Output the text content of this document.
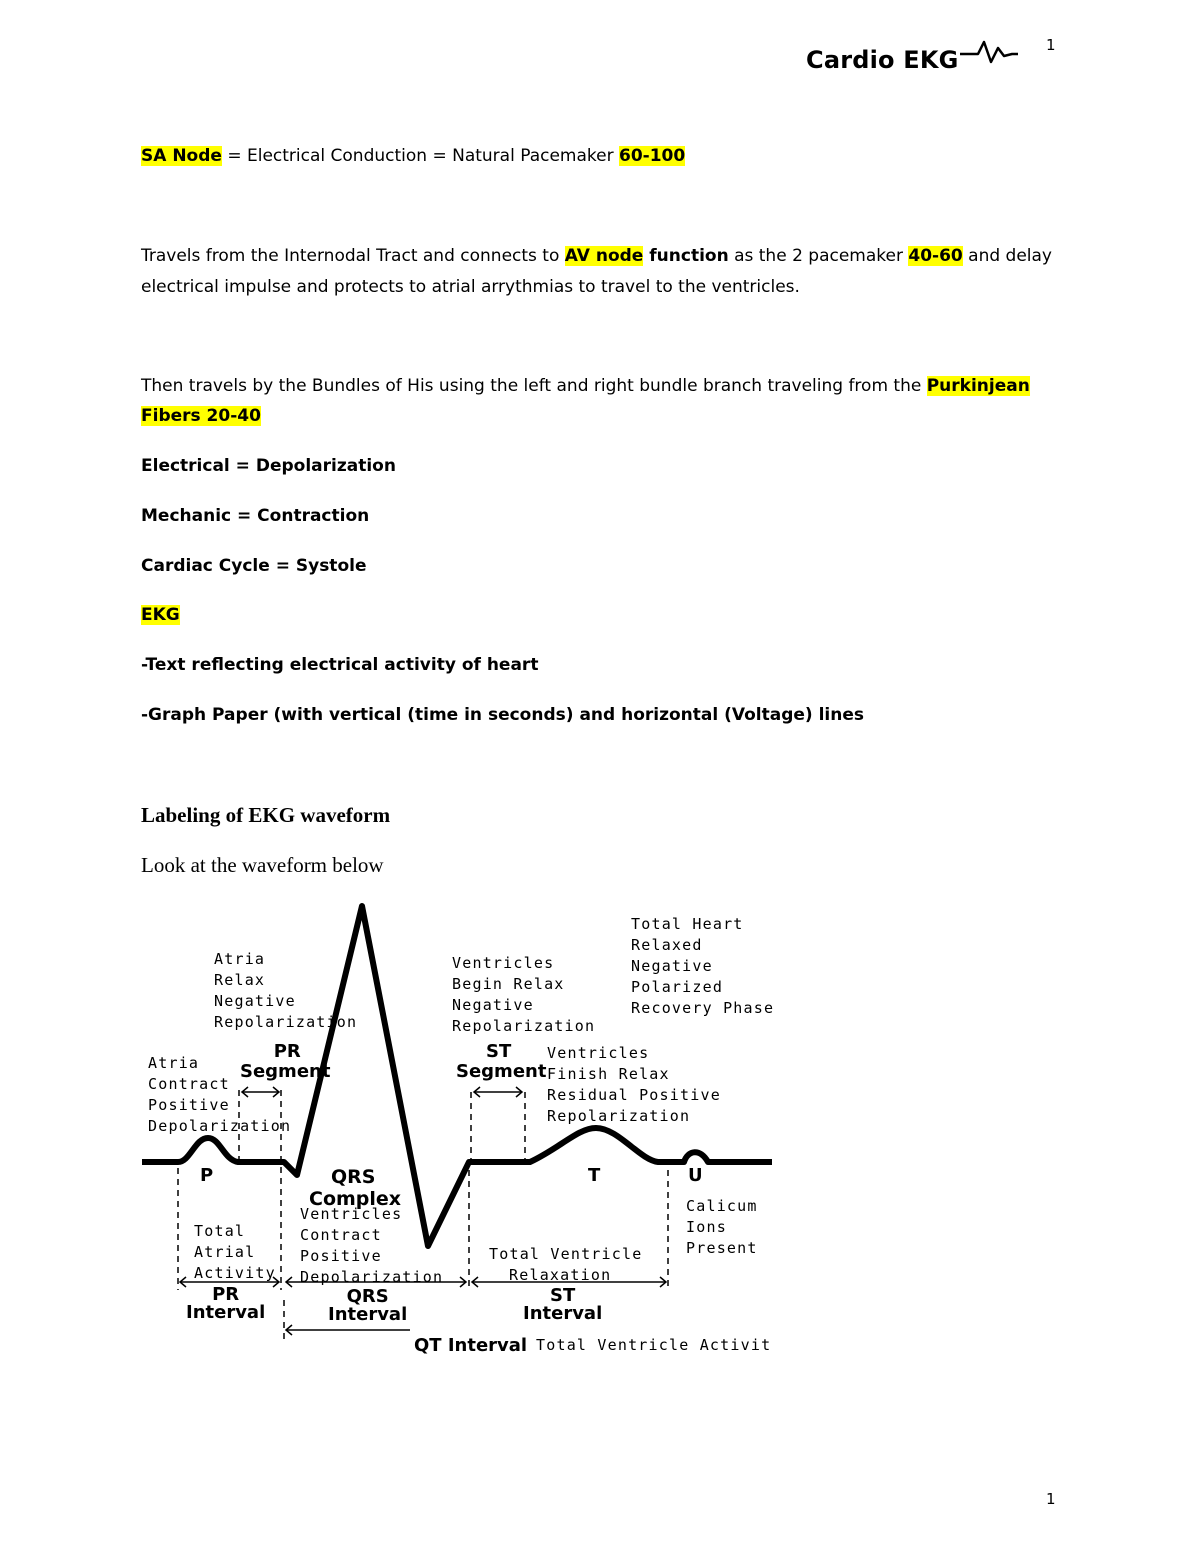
Cardio EKG
1
SA Node = Electrical Conduction = Natural Pacemaker 60-100
Travels from the Internodal Tract and connects to AV node function as the 2 pacemaker 40-60 and delay
electrical impulse and protects to atrial arrythmias to travel to the ventricles.
Then travels by the Bundles of His using the left and right bundle branch traveling from the Purkinjean
Fibers 20-40
Electrical = Depolarization
Mechanic = Contraction
Cardiac Cycle = Systole
EKG
-Text reflecting electrical activity of heart
-Graph Paper (with vertical (time in seconds) and horizontal (Voltage) lines
Labeling of EKG waveform
Look at the waveform below
Atria
Relax
Negative
Repolarization
Atria
Contract
Positive
Depolarization
PR
Segment
P	QRS
Complex
Ventricles
Contract
Positive
Depolarization
Ventricles
Begin Relax
Negative
Repolarization
ST
Segment
Ventricles
Finish Relax
Residual Positive
Repolarization
Total Heart
Relaxed
Negative
Polarized
Recovery Phase
T	U
Calicum
Ions
Present
Total
Atrial
Activity
Total Ventricle
Relaxation
PR
Interval
QRS
Interval
ST
Interval
QT Interval Total Ventricle Activit
1
